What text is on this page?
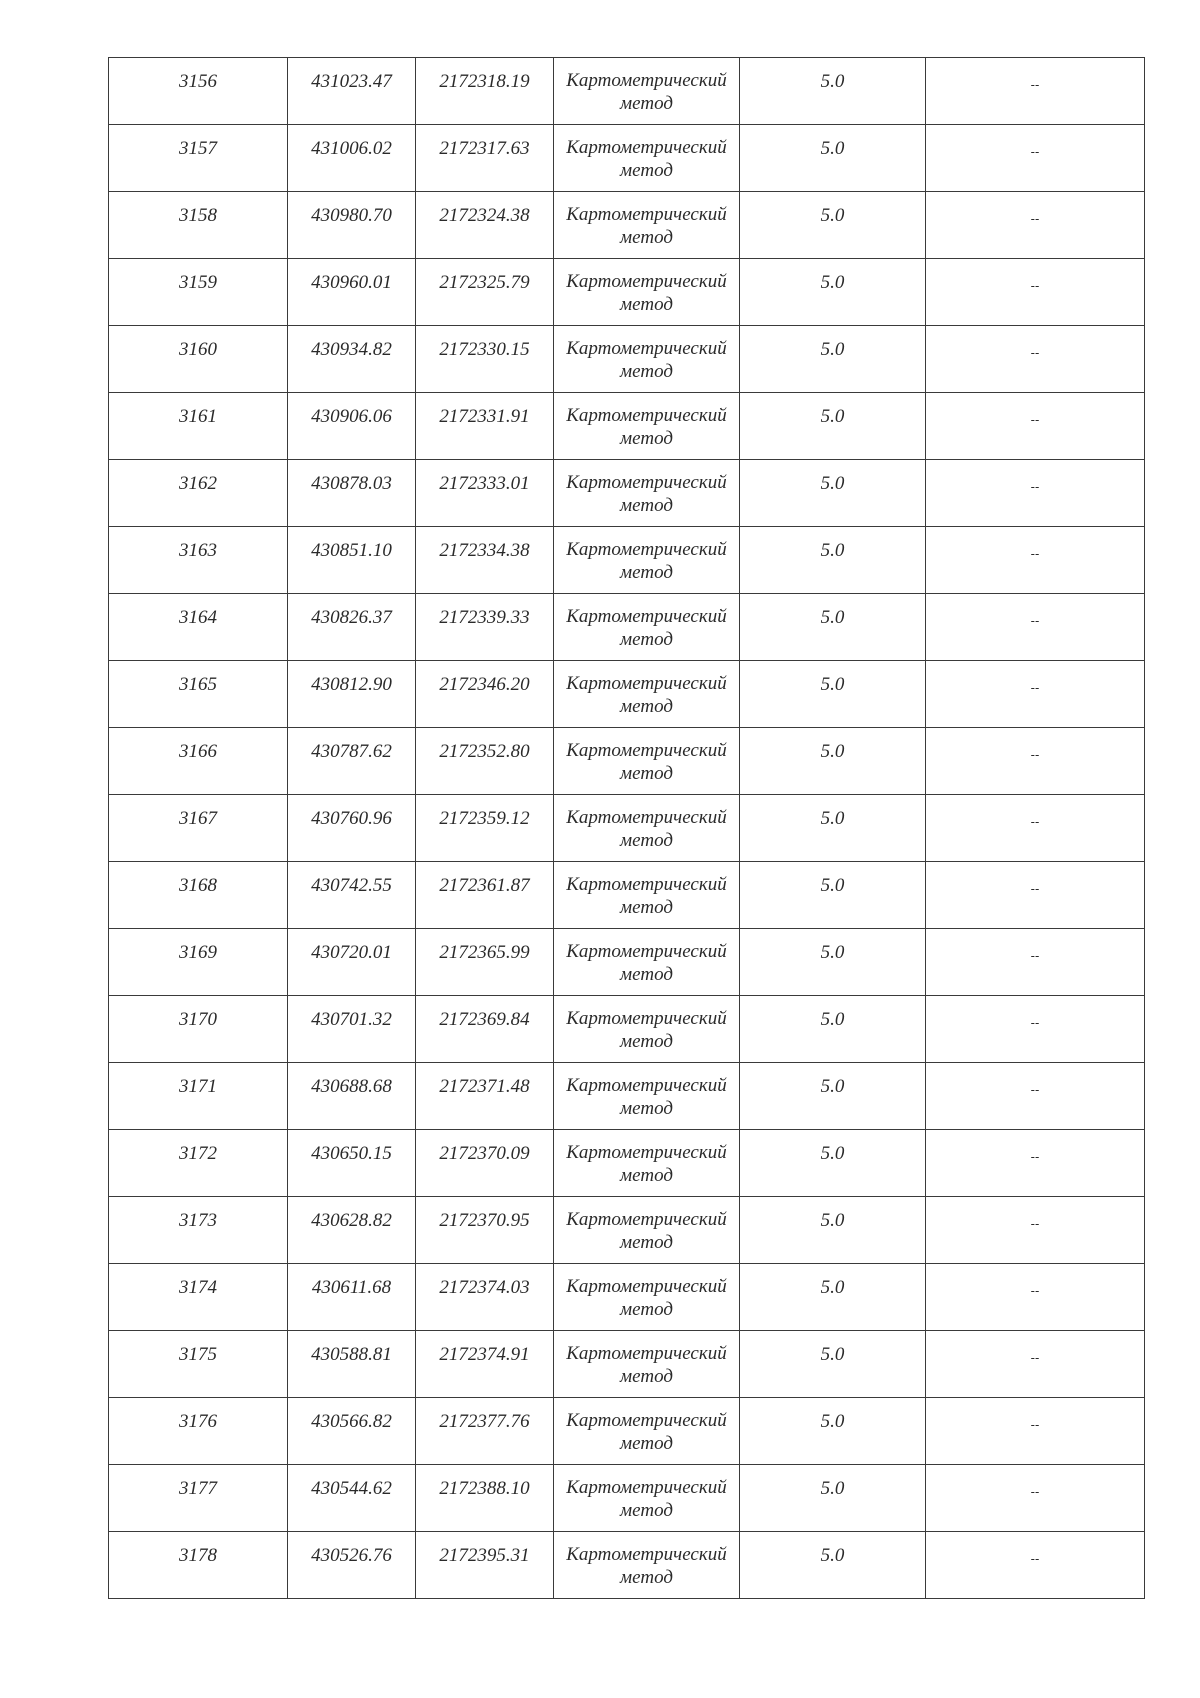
3156	431023.47	2172318.19	Картометрический
метод	5.0	--

3157	431006.02	2172317.63	Картометрический
метод	5.0	--

3158	430980.70	2172324.38	Картометрический
метод	5.0	--

3159	430960.01	2172325.79	Картометрический
метод	5.0	--

3160	430934.82	2172330.15	Картометрический
метод	5.0	--

3161	430906.06	2172331.91	Картометрический
метод	5.0	--

3162	430878.03	2172333.01	Картометрический
метод	5.0	--

3163	430851.10	2172334.38	Картометрический
метод	5.0	--

3164	430826.37	2172339.33	Картометрический
метод	5.0	--

3165	430812.90	2172346.20	Картометрический
метод	5.0	--

3166	430787.62	2172352.80	Картометрический
метод	5.0	--

3167	430760.96	2172359.12	Картометрический
метод	5.0	--

3168	430742.55	2172361.87	Картометрический
метод	5.0	--

3169	430720.01	2172365.99	Картометрический
метод	5.0	--

3170	430701.32	2172369.84	Картометрический
метод	5.0	--

3171	430688.68	2172371.48	Картометрический
метод	5.0	--

3172	430650.15	2172370.09	Картометрический
метод	5.0	--

3173	430628.82	2172370.95	Картометрический
метод	5.0	--

3174	430611.68	2172374.03	Картометрический
метод	5.0	--

3175	430588.81	2172374.91	Картометрический
метод	5.0	--

3176	430566.82	2172377.76	Картометрический
метод	5.0	--

3177	430544.62	2172388.10	Картометрический
метод	5.0	--

3178	430526.76	2172395.31	Картометрический
метод	5.0	--
